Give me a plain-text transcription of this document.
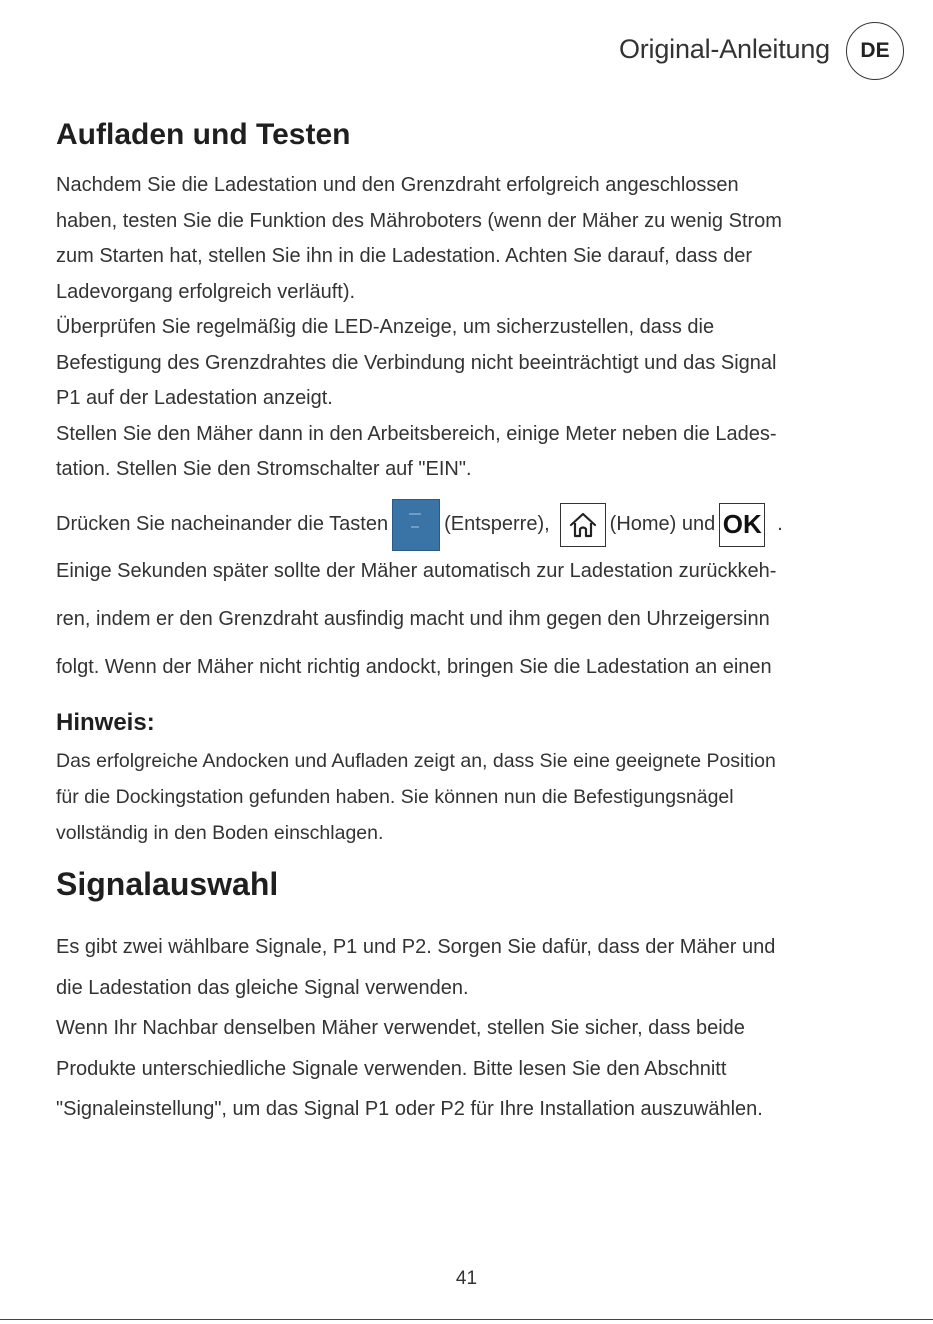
Original-Anleitung	DE
Aufladen und Testen
Nachdem Sie die Ladestation und den Grenzdraht erfolgreich angeschlossen
haben, testen Sie die Funktion des Mähroboters (wenn der Mäher zu wenig Strom
zum Starten hat, stellen Sie ihn in die Ladestation. Achten Sie darauf, dass der
Ladevorgang erfolgreich verläuft).
Überprüfen Sie regelmäßig die LED-Anzeige, um sicherzustellen, dass die
Befestigung des Grenzdrahtes die Verbindung nicht beeinträchtigt und das Signal
P1 auf der Ladestation anzeigt.
Stellen Sie den Mäher dann in den Arbeitsbereich, einige Meter neben die Lades-
tation. Stellen Sie den Stromschalter auf "EIN".
Drücken Sie nacheinander die Tasten	(Entsperre),	(Home) und OK .
Einige Sekunden später sollte der Mäher automatisch zur Ladestation zurückkeh-
ren, indem er den Grenzdraht ausfindig macht und ihm gegen den Uhrzeigersinn
folgt. Wenn der Mäher nicht richtig andockt, bringen Sie die Ladestation an einen
Hinweis:
Das erfolgreiche Andocken und Aufladen zeigt an, dass Sie eine geeignete Position
für die Dockingstation gefunden haben. Sie können nun die Befestigungsnägel
vollständig in den Boden einschlagen.
Signalauswahl
Es gibt zwei wählbare Signale, P1 und P2. Sorgen Sie dafür, dass der Mäher und
die Ladestation das gleiche Signal verwenden.
Wenn Ihr Nachbar denselben Mäher verwendet, stellen Sie sicher, dass beide
Produkte unterschiedliche Signale verwenden. Bitte lesen Sie den Abschnitt
"Signaleinstellung", um das Signal P1 oder P2 für Ihre Installation auszuwählen.
41
